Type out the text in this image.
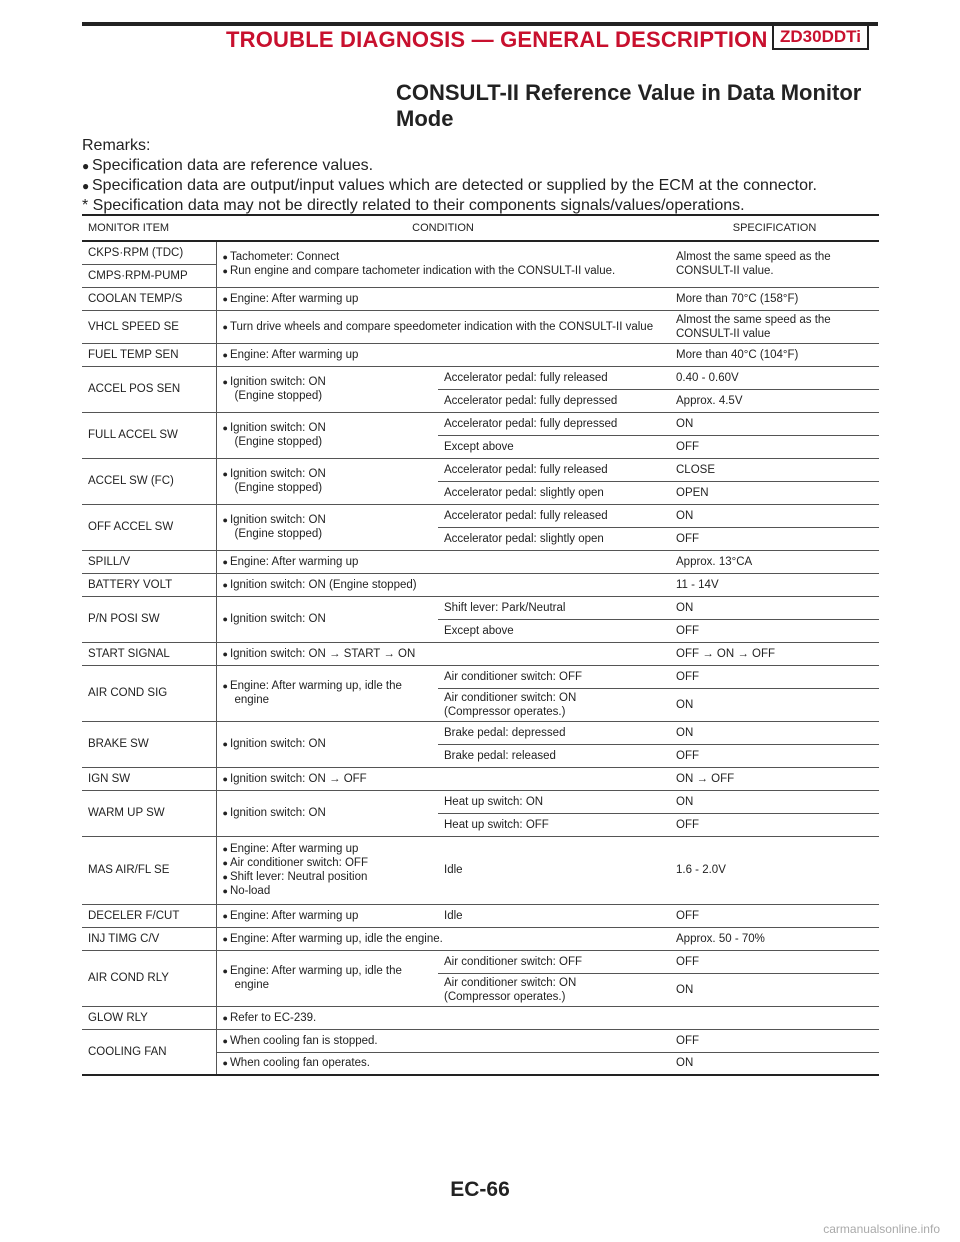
TROUBLE DIAGNOSIS — GENERAL DESCRIPTION ZD30DDTi
CONSULT-II Reference Value in Data Monitor
Mode
Remarks:
● Specification data are reference values.
● Specification data are output/input values which are detected or supplied by the ECM at the connector.
* Specification data may not be directly related to their components signals/values/operations.
MONITOR ITEM	CONDITION		SPECIFICATION
CKPS·RPM (TDC)	● Tachometer: Connect
● Run engine and compare tachometer indication with the CONSULT-II value.		Almost the same speed as the CONSULT-II value.
CMPS·RPM-PUMP			
COOLAN TEMP/S	● Engine: After warming up		More than 70°C (158°F)
VHCL SPEED SE	● Turn drive wheels and compare speedometer indication with the CONSULT-II value		Almost the same speed as the CONSULT-II value
FUEL TEMP SEN	● Engine: After warming up		More than 40°C (104°F)
ACCEL POS SEN	● Ignition switch: ON
(Engine stopped)	Accelerator pedal: fully released	0.40 - 0.60V
		Accelerator pedal: fully depressed	Approx. 4.5V
FULL ACCEL SW	● Ignition switch: ON
(Engine stopped)	Accelerator pedal: fully depressed	ON
		Except above	OFF
ACCEL SW (FC)	● Ignition switch: ON
(Engine stopped)	Accelerator pedal: fully released	CLOSE
		Accelerator pedal: slightly open	OPEN
OFF ACCEL SW	● Ignition switch: ON
(Engine stopped)	Accelerator pedal: fully released	ON
		Accelerator pedal: slightly open	OFF
SPILL/V	● Engine: After warming up		Approx. 13°CA
BATTERY VOLT	● Ignition switch: ON (Engine stopped)		11 - 14V
P/N POSI SW	● Ignition switch: ON	Shift lever: Park/Neutral	ON
		Except above	OFF
START SIGNAL	● Ignition switch: ON → START → ON		OFF → ON → OFF
AIR COND SIG	● Engine: After warming up, idle the
engine	Air conditioner switch: OFF	OFF

		Air conditioner switch: ON
(Compressor operates.)	ON
BRAKE SW	● Ignition switch: ON	Brake pedal: depressed	ON
		Brake pedal: released	OFF
IGN SW	● Ignition switch: ON → OFF		ON → OFF
WARM UP SW	● Ignition switch: ON	Heat up switch: ON	ON
		Heat up switch: OFF	OFF
MAS AIR/FL SE	● Engine: After warming up
● Air conditioner switch: OFF
● Shift lever: Neutral position
● No-load	Idle	1.6 - 2.0V
DECELER F/CUT	● Engine: After warming up	Idle	OFF
INJ TIMG C/V	● Engine: After warming up, idle the engine.		Approx. 50 - 70%
AIR COND RLY	● Engine: After warming up, idle the
engine	Air conditioner switch: OFF	OFF

		Air conditioner switch: ON
(Compressor operates.)	ON
GLOW RLY	● Refer to EC-239.		
COOLING FAN	● When cooling fan is stopped.		OFF
	● When cooling fan operates.		ON
EC-66
carmanualsonline.info
